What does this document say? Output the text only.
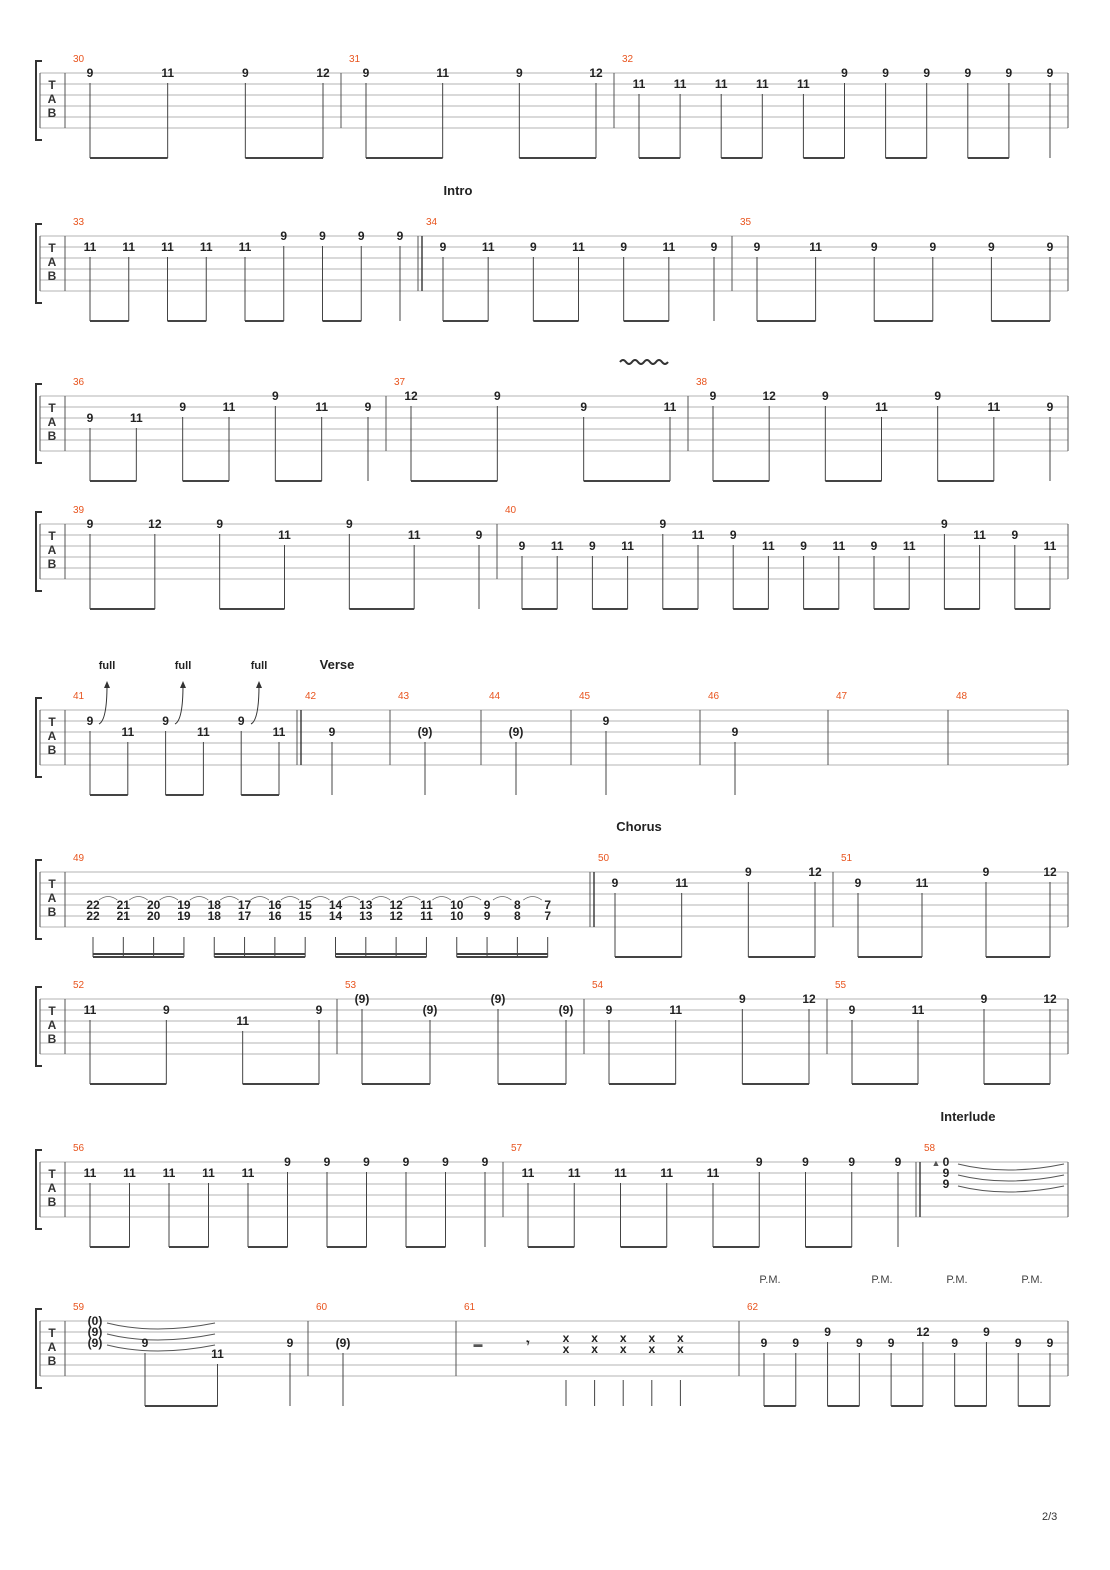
T
A
B
30
9	11	9	12
31
9	11	9	12
32
11 11 11 11 11
9	9	9	9	9	9
T
A
B
Intro
33
11 11 11 11 11
9	9	9	9
34
9	11	9	11	9	11	9
35
9	11	9	9	9	9
T
A
B
36
9	11
9	11
9
11	9
37
12	9
9	11
38
9	12	9
11
9
11	9
T
A
B
39
9	12	9
11
9
11	9
40
9 11 9 11
9
11 9
11 9 11 9 11
9
11 9
11
T
A
B
Verse
41
9
11
9
11
9
11
42
9
43
(9)
44
(9)
45
9
46
9
47	48
full	full	full
T
A
B
Chorus
49
22
22
21
21
20
20
19
19
18
18
17
17
16
16
15
15
14
14
13
13
12
12
11
11
10
10
9
9
8
8
7
7
50
9	11
9	12
51
9	11
9	12
T
A
B
52
11	9
11
9
53
(9)
(9)
(9)
(9)
54
9	11
9	12
55
9	11
9	12
T
A
B
Interlude
56
11 11 11 11 11
9	9	9	9	9	9
57
11	11	11	11	11
9	9	9	9
58
0
9
9
▲
T
A
B
59
(0)
(9)
(9)	9
11
9
60
(9)
61
▬	𝄾	x
x
x
x
x
x
x
x
x
x
62
9 9
9
9 9
12
9
9
9 9
P.M.	P.M.	P.M.	P.M.
2/3
